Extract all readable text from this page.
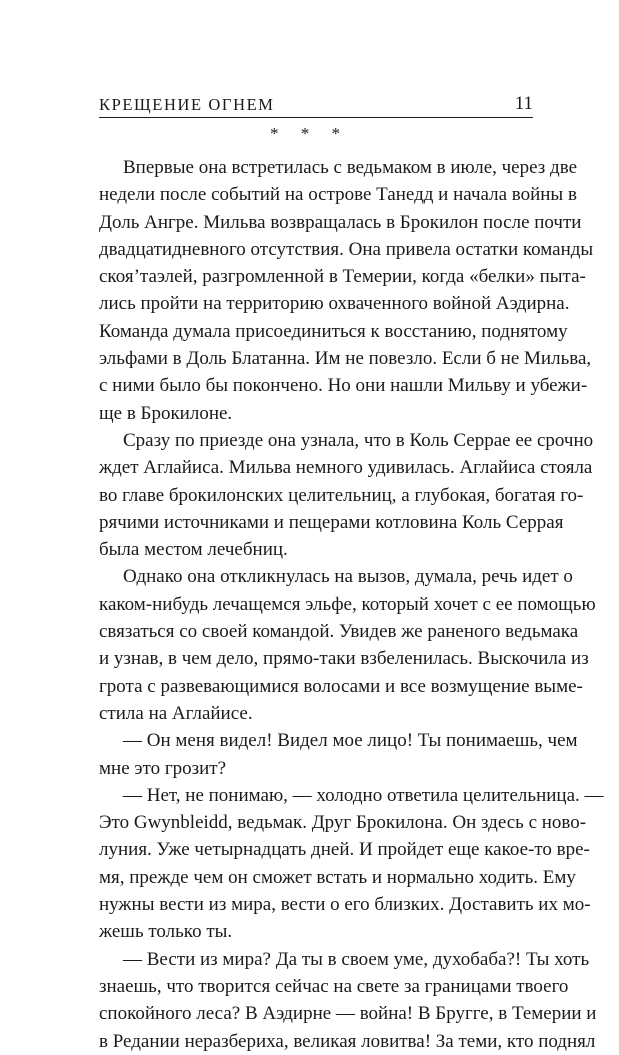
КРЕЩЕНИЕ ОГНЕМ	11
* * *

Впервые она встретилась с ведьмаком в июле, через две
недели после событий на острове Танедд и начала войны в
Доль Ангре. Мильва возвращалась в Брокилон после почти
двадцатидневного отсутствия. Она привела остатки команды
скоя’таэлей, разгромленной в Темерии, когда «белки» пыта-
лись пройти на территорию охваченного войной Аэдирна.
Команда думала присоединиться к восстанию, поднятому
эльфами в Доль Блатанна. Им не повезло. Если б не Мильва,
с ними было бы покончено. Но они нашли Мильву и убежи-
ще в Брокилоне.

Сразу по приезде она узнала, что в Коль Серрае ее срочно
ждет Аглайиса. Мильва немного удивилась. Аглайиса стояла
во главе брокилонских целительниц, а глубокая, богатая го-
рячими источниками и пещерами котловина Коль Серрая
была местом лечебниц.

Однако она откликнулась на вызов, думала, речь идет о
каком-нибудь лечащемся эльфе, который хочет с ее помощью
связаться со своей командой. Увидев же раненого ведьмака
и узнав, в чем дело, прямо-таки взбеленилась. Выскочила из
грота с развевающимися волосами и все возмущение выме-
стила на Аглайисе.

— Он меня видел! Видел мое лицо! Ты понимаешь, чем
мне это грозит?

— Нет, не понимаю, — холодно ответила целительница. —
Это Gwynbleidd, ведьмак. Друг Брокилона. Он здесь с ново-
луния. Уже четырнадцать дней. И пройдет еще какое-то вре-
мя, прежде чем он сможет встать и нормально ходить. Ему
нужны вести из мира, вести о его близких. Доставить их мо-
жешь только ты.

— Вести из мира? Да ты в своем уме, духобаба?! Ты хоть
знаешь, что творится сейчас на свете за границами твоего
спокойного леса? В Аэдирне — война! В Бругге, в Темерии и
в Редании неразбериха, великая ловитва! За теми, кто поднял
